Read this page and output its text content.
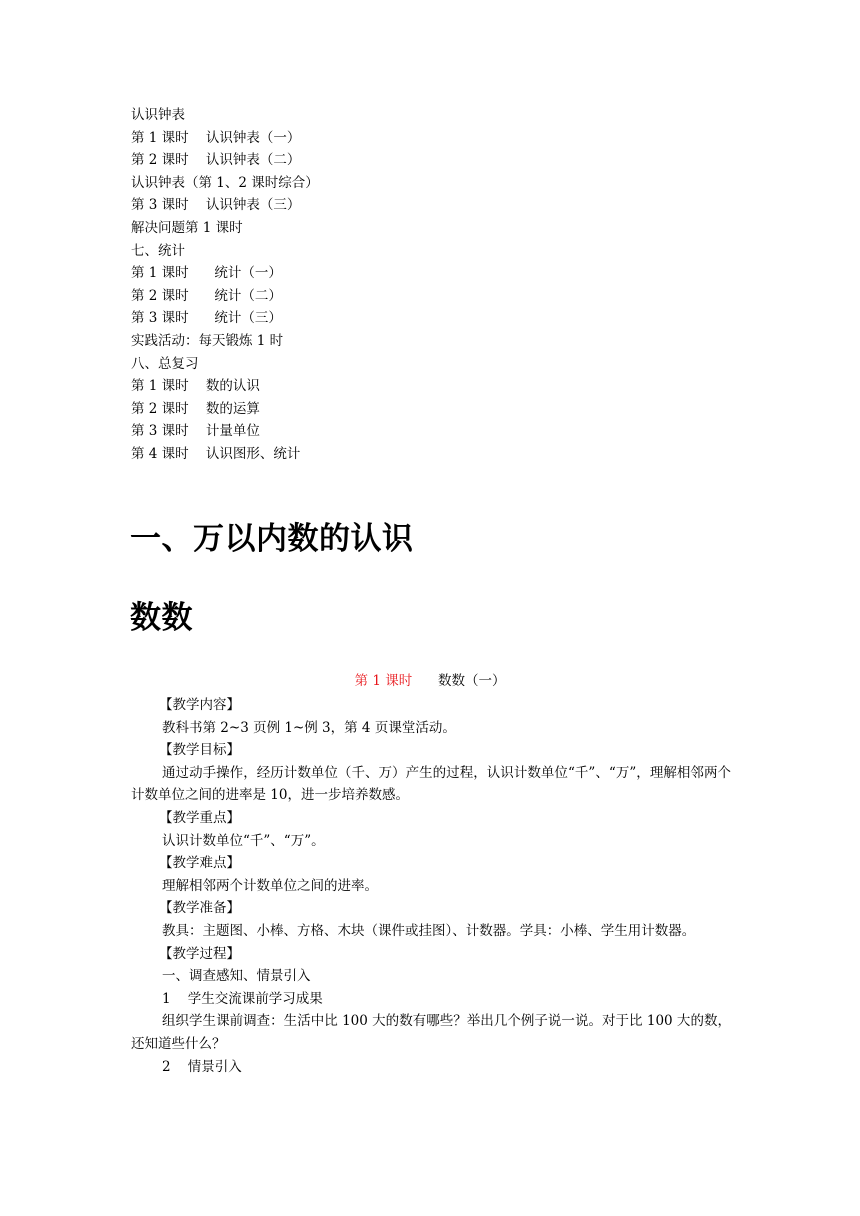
认识钟表
第 1 课时    认识钟表（一）
第 2 课时    认识钟表（二）
认识钟表（第 1、2 课时综合）
第 3 课时    认识钟表（三）
解决问题第 1 课时
七、统计
第 1 课时      统计（一）
第 2 课时      统计（二）
第 3 课时      统计（三）
实践活动：每天锻炼 1 时
八、总复习
第 1 课时    数的认识
第 2 课时    数的运算
第 3 课时    计量单位
第 4 课时    认识图形、统计
一、万以内数的认识
数数
第 1 课时 数数（一）
【教学内容】
教科书第 2~3 页例 1~例 3，第 4 页课堂活动。
【教学目标】
通过动手操作，经历计数单位（千、万）产生的过程，认识计数单位“千”、“万”，理解相邻两个计数单位之间的进率是 10，进一步培养数感。
【教学重点】
认识计数单位“千”、“万”。
【教学难点】
理解相邻两个计数单位之间的进率。
【教学准备】
教具：主题图、小棒、方格、木块（课件或挂图）、计数器。学具：小棒、学生用计数器。
【教学过程】
一、调查感知、情景引入
1    学生交流课前学习成果
组织学生课前调查：生活中比 100 大的数有哪些？举出几个例子说一说。对于比 100 大的数，还知道些什么？
2    情景引入
